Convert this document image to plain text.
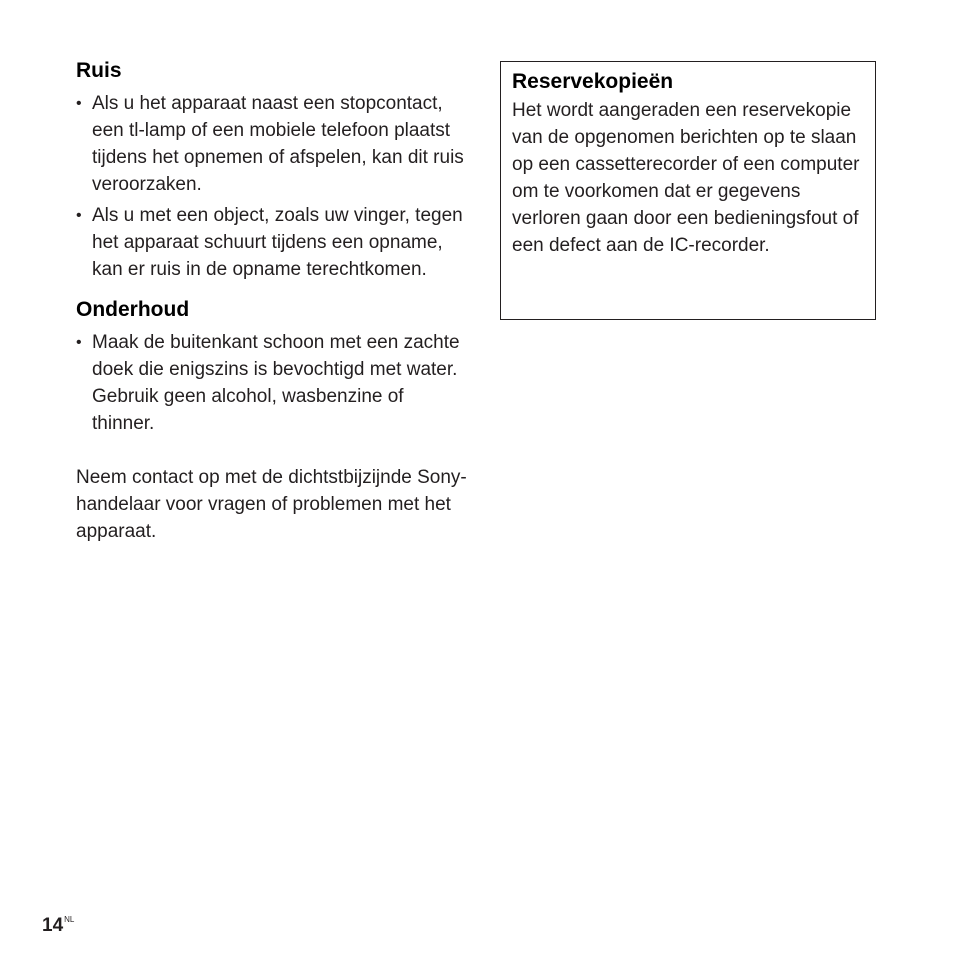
Ruis
• Als u het apparaat naast een stopcontact, een tl-lamp of een mobiele telefoon plaatst tijdens het opnemen of afspelen, kan dit ruis veroorzaken.
• Als u met een object, zoals uw vinger, tegen het apparaat schuurt tijdens een opname, kan er ruis in de opname terechtkomen.
Onderhoud
• Maak de buitenkant schoon met een zachte doek die enigszins is bevochtigd met water. Gebruik geen alcohol, wasbenzine of thinner.

Neem contact op met de dichtstbijzijnde Sony-handelaar voor vragen of problemen met het apparaat.

Reservekopieën

Het wordt aangeraden een reservekopie van de opgenomen berichten op te slaan op een cassetterecorder of een computer om te voorkomen dat er gegevens verloren gaan door een bedieningsfout of een defect aan de IC-recorder.

$14^{NL}$
